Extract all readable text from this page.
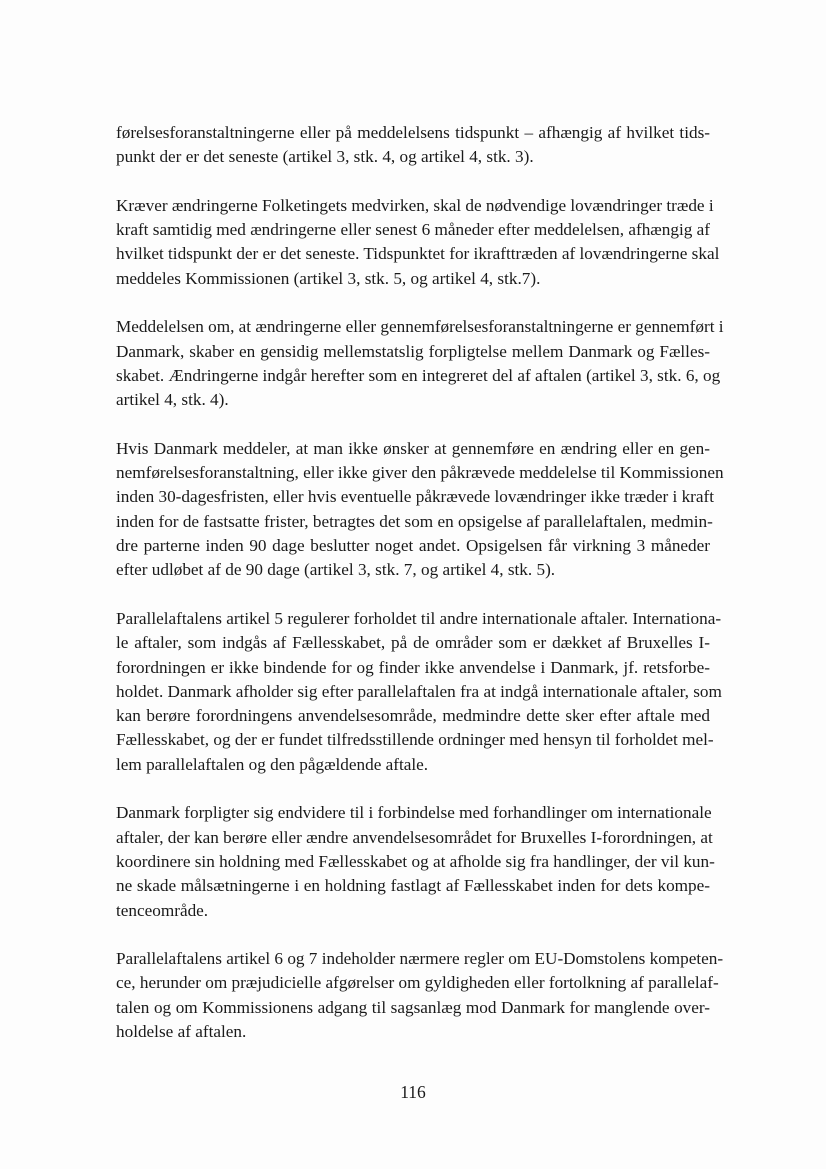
førelsesforanstaltningerne eller på meddelelsens tidspunkt – afhængig af hvilket tids-
punkt der er det seneste (artikel 3, stk. 4, og artikel 4, stk. 3).

Kræver ændringerne Folketingets medvirken, skal de nødvendige lovændringer træde i
kraft samtidig med ændringerne eller senest 6 måneder efter meddelelsen, afhængig af
hvilket tidspunkt der er det seneste. Tidspunktet for ikrafttræden af lovændringerne skal
meddeles Kommissionen (artikel 3, stk. 5, og artikel 4, stk.7).

Meddelelsen om, at ændringerne eller gennemførelsesforanstaltningerne er gennemført i
Danmark, skaber en gensidig mellemstatslig forpligtelse mellem Danmark og Fælles-
skabet. Ændringerne indgår herefter som en integreret del af aftalen (artikel 3, stk. 6, og
artikel 4, stk. 4).

Hvis Danmark meddeler, at man ikke ønsker at gennemføre en ændring eller en gen-
nemførelsesforanstaltning, eller ikke giver den påkrævede meddelelse til Kommissionen
inden 30-dagesfristen, eller hvis eventuelle påkrævede lovændringer ikke træder i kraft
inden for de fastsatte frister, betragtes det som en opsigelse af parallelaftalen, medmin-
dre parterne inden 90 dage beslutter noget andet. Opsigelsen får virkning 3 måneder
efter udløbet af de 90 dage (artikel 3, stk. 7, og artikel 4, stk. 5).

Parallelaftalens artikel 5 regulerer forholdet til andre internationale aftaler. Internationa-
le aftaler, som indgås af Fællesskabet, på de områder som er dækket af Bruxelles I-
forordningen er ikke bindende for og finder ikke anvendelse i Danmark, jf. retsforbe-
holdet. Danmark afholder sig efter parallelaftalen fra at indgå internationale aftaler, som
kan berøre forordningens anvendelsesområde, medmindre dette sker efter aftale med
Fællesskabet, og der er fundet tilfredsstillende ordninger med hensyn til forholdet mel-
lem parallelaftalen og den pågældende aftale.

Danmark forpligter sig endvidere til i forbindelse med forhandlinger om internationale
aftaler, der kan berøre eller ændre anvendelsesområdet for Bruxelles I-forordningen, at
koordinere sin holdning med Fællesskabet og at afholde sig fra handlinger, der vil kun-
ne skade målsætningerne i en holdning fastlagt af Fællesskabet inden for dets kompe-
tenceområde.

Parallelaftalens artikel 6 og 7 indeholder nærmere regler om EU-Domstolens kompeten-
ce, herunder om præjudicielle afgørelser om gyldigheden eller fortolkning af parallelaf-
talen og om Kommissionens adgang til sagsanlæg mod Danmark for manglende over-
holdelse af aftalen.

116
